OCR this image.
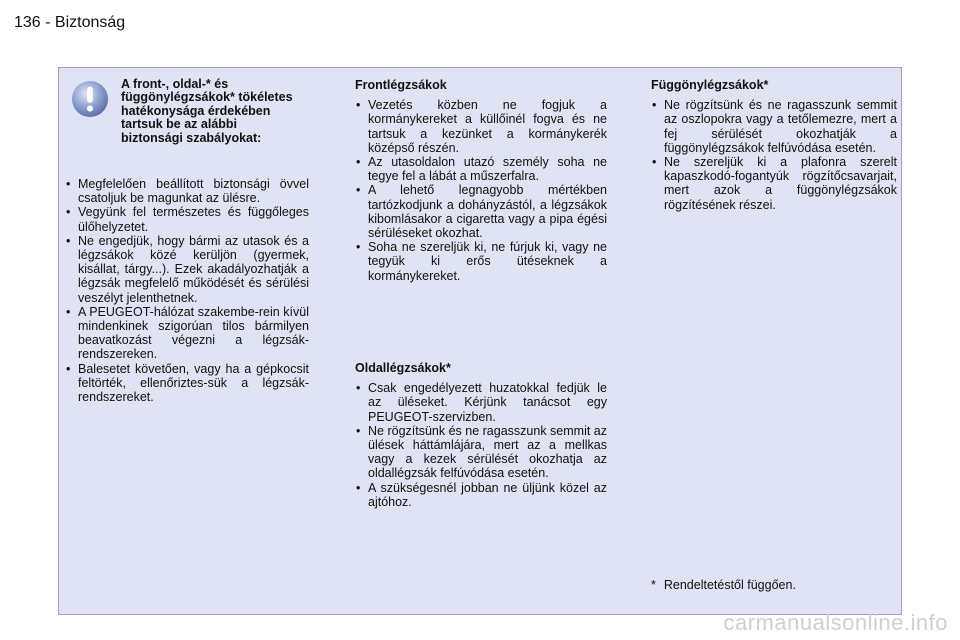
136 - Biztonság
A front-, oldal-* és függönylégzsákok* tökéletes hatékonysága érdekében tartsuk be az alábbi biztonsági szabályokat:
• Megfelelően beállított biztonsági övvel csatoljuk be magunkat az ülésre.
• Vegyünk fel természetes és függőleges ülőhelyzetet.
• Ne engedjük, hogy bármi az utasok és a légzsákok közé kerüljön (gyermek, kisállat, tárgy...). Ezek akadályozhatják a légzsák megfelelő működését és sérülési veszélyt jelenthetnek.
• A PEUGEOT-hálózat szakembe-rein kívül mindenkinek szigorúan tilos bármilyen beavatkozást végezni a légzsák-rendszereken.
• Balesetet követően, vagy ha a gépkocsit feltörték, ellenőriztes-sük a légzsák-rendszereket.
Frontlégzsákok
• Vezetés közben ne fogjuk a kormánykereket a küllőinél fogva és ne tartsuk a kezünket a kormánykerék középső részén.
• Az utasoldalon utazó személy soha ne tegye fel a lábát a műszerfalra.
• A lehető legnagyobb mértékben tartózkodjunk a dohányzástól, a légzsákok kibomlásakor a cigaretta vagy a pipa égési sérüléseket okozhat.
• Soha ne szereljük ki, ne fúrjuk ki, vagy ne tegyük ki erős ütéseknek a kormánykereket.
Oldallégzsákok*
• Csak engedélyezett huzatokkal fedjük le az üléseket. Kérjünk tanácsot egy PEUGEOT-szervizben.
• Ne rögzítsünk és ne ragasszunk semmit az ülések háttámlájára, mert az a mellkas vagy a kezek sérülését okozhatja az oldallégzsák felfúvódása esetén.
• A szükségesnél jobban ne üljünk közel az ajtóhoz.
Függönylégzsákok*
• Ne rögzítsünk és ne ragasszunk semmit az oszlopokra vagy a tetőlemezre, mert a fej sérülését okozhatják a függönylégzsákok felfúvódása esetén.
• Ne szereljük ki a plafonra szerelt kapaszkodó-fogantyúk rögzítőcsavarjait, mert azok a függönylégzsákok rögzítésének részei.
* Rendeltetéstől függően.
carmanualsonline.info
